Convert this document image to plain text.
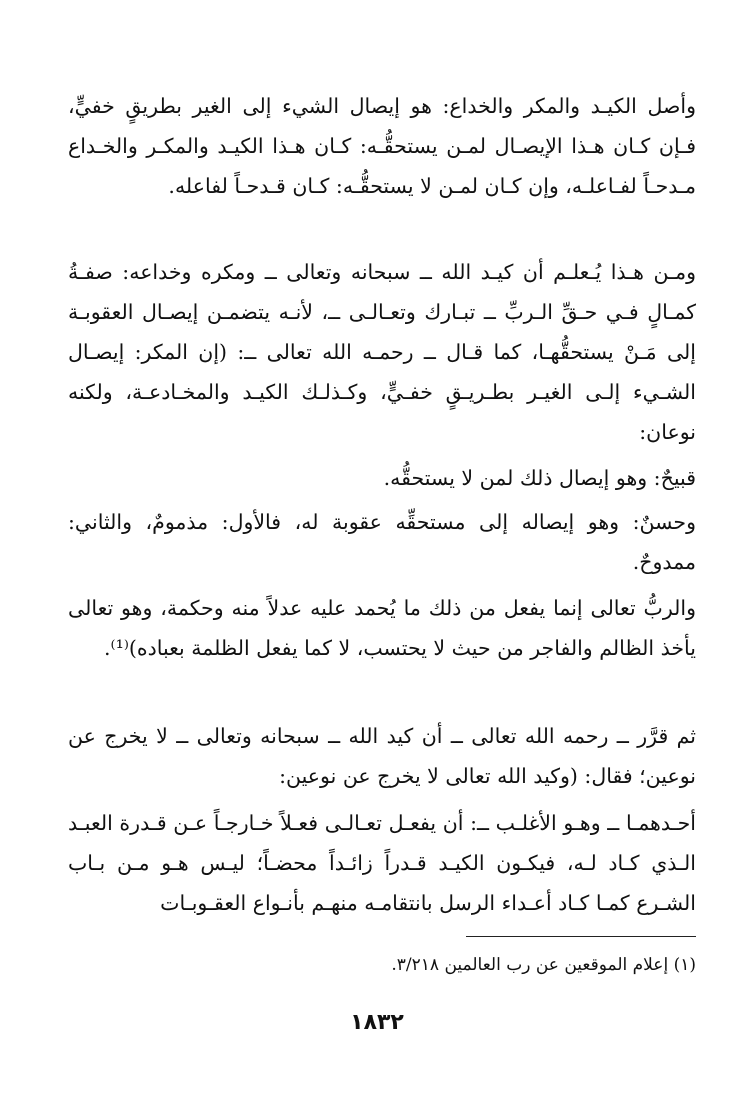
وأصل الكيـد والمكر والخداع: هو إيصال الشيء إلى الغير بطريقٍ خفيٍّ، فـإن كـان هـذا الإيصـال لمـن يستحقُّـه: كـان هـذا الكيـد والمكـر والخـداع مـدحـاً لفـاعلـه، وإن كـان لمـن لا يستحقُّـه: كـان قـدحـاً لفاعله.

ومـن هـذا يُـعلـم أن كيـد الله ــ سبحانه وتعالى ــ ومكره وخداعه: صفـةُ كمـالٍ فـي حـقِّ الـربِّ ــ تبـارك وتعـالـى ــ، لأنـه يتضمـن إيصـال العقوبـة إلى مَـنْ يستحقُّهـا، كما قـال ــ رحمـه الله تعالى ــ: (إن المكر: إيصـال الشـيء إلـى الغيـر بطـريـقٍ خفـيٍّ، وكـذلـك الكيـد والمخـادعـة، ولكنه نوعان:

قبيحٌ: وهو إيصال ذلك لمن لا يستحقُّه.

وحسنٌ: وهو إيصاله إلى مستحقِّه عقوبة له، فالأول: مذمومٌ، والثاني: ممدوحٌ.

والربُّ تعالى إنما يفعل من ذلك ما يُحمد عليه عدلاً منه وحكمة، وهو تعالى يأخذ الظالم والفاجر من حيث لا يحتسب، لا كما يفعل الظلمة بعباده)⁽¹⁾.

ثم قرَّر ــ رحمه الله تعالى ــ أن كيد الله ــ سبحانه وتعالى ــ لا يخرج عن نوعين؛ فقال: (وكيد الله تعالى لا يخرج عن نوعين:

أحـدهمـا ــ وهـو الأغلـب ــ: أن يفعـل تعـالـى فعـلاً خـارجـاً عـن قـدرة العبـد الـذي كـاد لـه، فيكـون الكيـد قـدراً زائـداً محضـاً؛ ليـس هـو مـن بـاب الشـرع كمـا كـاد أعـداء الرسل بانتقامـه منهـم بأنـواع العقـوبـات

(١) إعلام الموقعين عن رب العالمين ٣/٢١٨.
١٨٣٢
